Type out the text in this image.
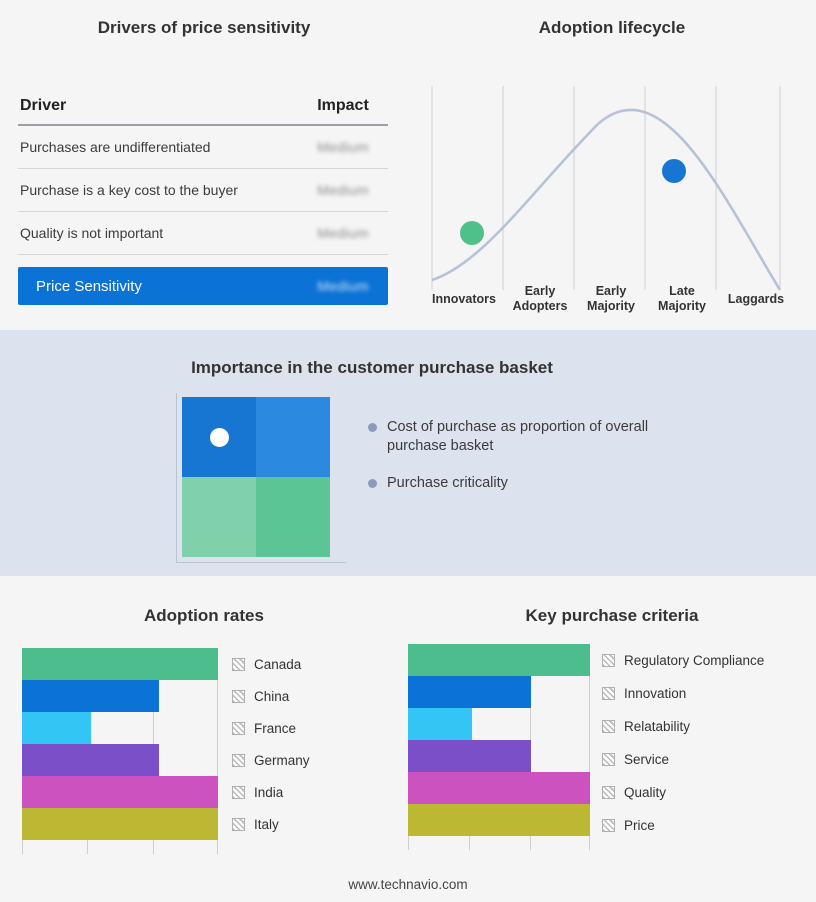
Drivers of price sensitivity	Adoption lifecycle
Driver	Impact
Purchases are undifferentiated	Medium
Purchase is a key cost to the buyer	Medium
Quality is not important	Medium
Price Sensitivity	Medium
Innovators
Early Adopters
Early Majority
Late Majority	Laggards
Importance in the customer purchase basket
Cost of purchase as proportion of overall purchase basket
Purchase criticality
Adoption rates	Key purchase criteria
Canada
China
France
Germany
India
Italy
Regulatory Compliance
Innovation
Relatability
Service
Quality
Price
www.technavio.com
